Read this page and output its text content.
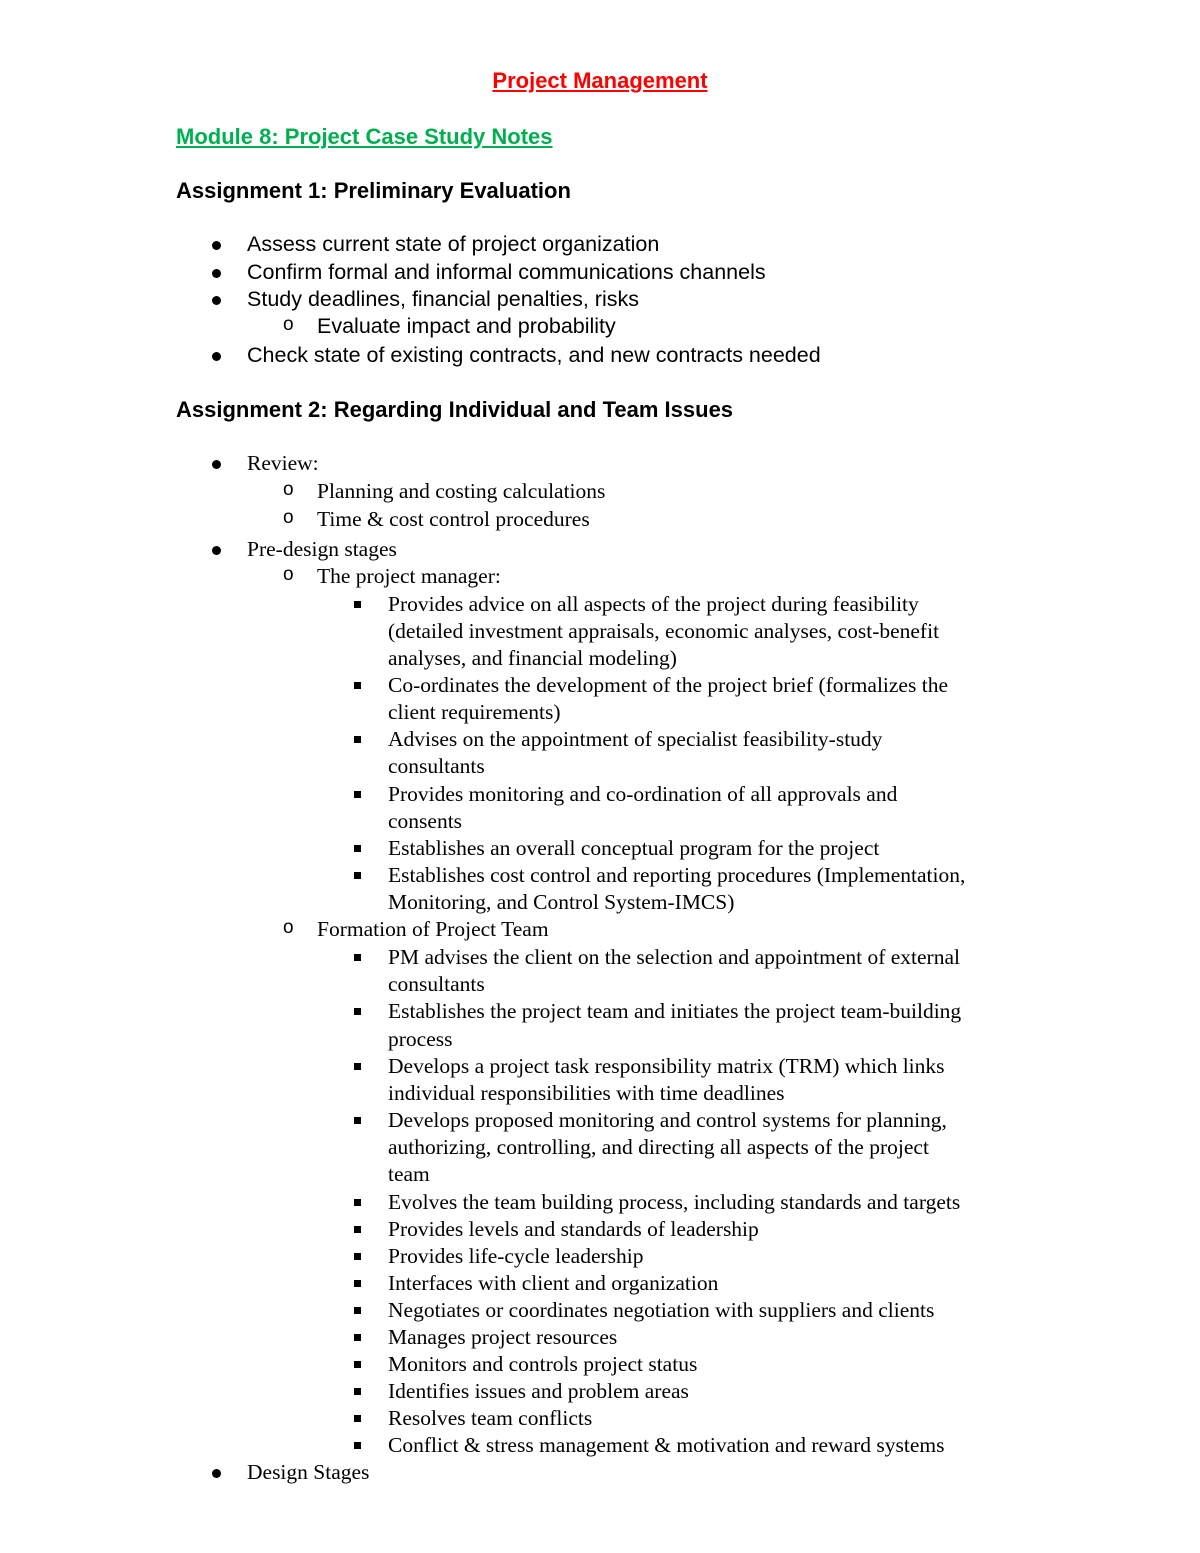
Project Management
Module 8: Project Case Study Notes
Assignment 1: Preliminary Evaluation
Assess current state of project organization
Confirm formal and informal communications channels
Study deadlines, financial penalties, risks
o Evaluate impact and probability
Check state of existing contracts, and new contracts needed
Assignment 2: Regarding Individual and Team Issues
Review:
o Planning and costing calculations
o Time & cost control procedures
Pre-design stages
o The project manager:
Provides advice on all aspects of the project during feasibility
(detailed investment appraisals, economic analyses, cost-benefit
analyses, and financial modeling)
Co-ordinates the development of the project brief (formalizes the
client requirements)
Advises on the appointment of specialist feasibility-study
consultants
Provides monitoring and co-ordination of all approvals and
consents
Establishes an overall conceptual program for the project
Establishes cost control and reporting procedures (Implementation,
Monitoring, and Control System-IMCS)
o Formation of Project Team
PM advises the client on the selection and appointment of external
consultants
Establishes the project team and initiates the project team-building
process
Develops a project task responsibility matrix (TRM) which links
individual responsibilities with time deadlines
Develops proposed monitoring and control systems for planning,
authorizing, controlling, and directing all aspects of the project
team
Evolves the team building process, including standards and targets
Provides levels and standards of leadership
Provides life-cycle leadership
Interfaces with client and organization
Negotiates or coordinates negotiation with suppliers and clients
Manages project resources
Monitors and controls project status
Identifies issues and problem areas
Resolves team conflicts
Conflict & stress management & motivation and reward systems
Design Stages
